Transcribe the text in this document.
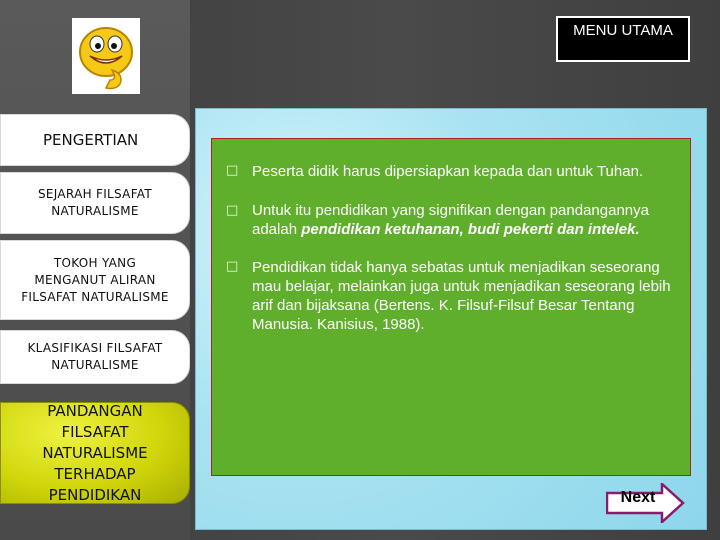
MENU UTAMA
PENGERTIAN
SEJARAH FILSAFAT
NATURALISME
TOKOH YANG
MENGANUT ALIRAN
FILSAFAT NATURALISME
KLASIFIKASI FILSAFAT
NATURALISME
PANDANGAN
FILSAFAT
NATURALISME
TERHADAP
PENDIDIKAN
□ Peserta didik harus dipersiapkan kepada dan untuk Tuhan.
□ Untuk itu pendidikan yang signifikan dengan pandangannya adalah pendidikan ketuhanan, budi pekerti dan intelek.
□ Pendidikan tidak hanya sebatas untuk menjadikan seseorang mau belajar, melainkan juga untuk menjadikan seseorang lebih arif dan bijaksana (Bertens. K. Filsuf-Filsuf Besar Tentang Manusia. Kanisius, 1988).
Next
